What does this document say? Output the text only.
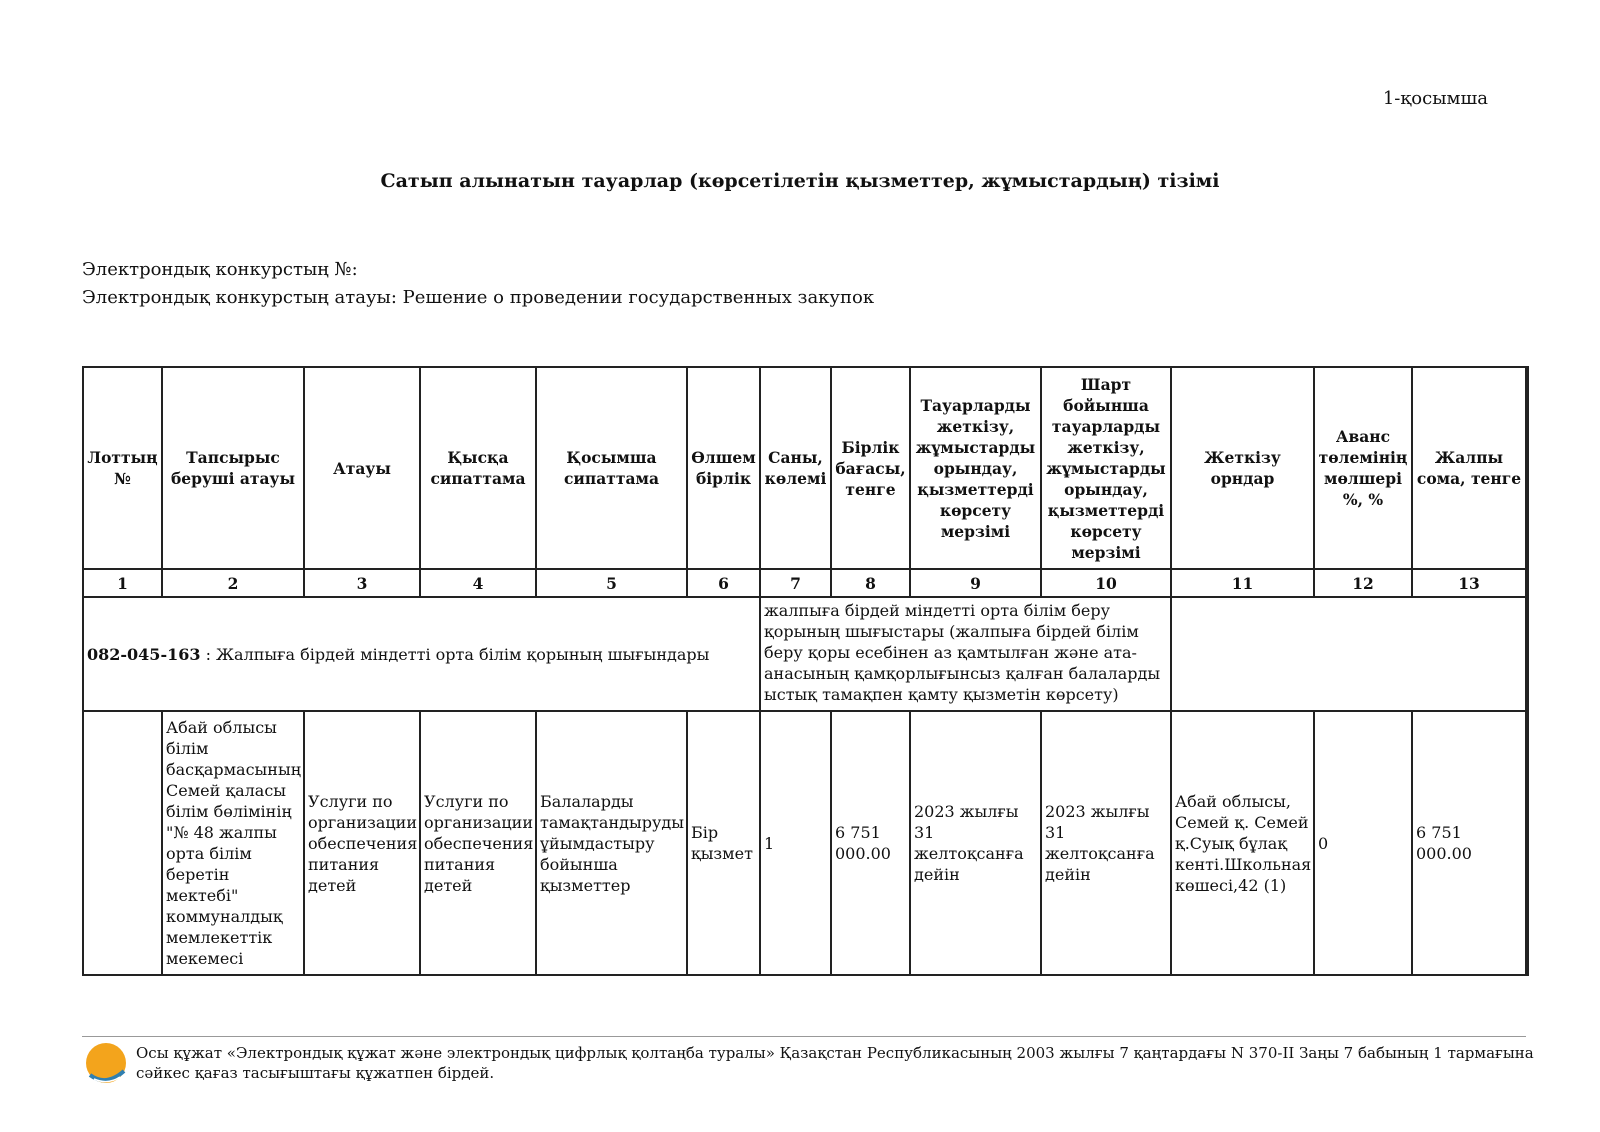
1-қосымша
Сатып алынатын тауарлар (көрсетілетін қызметтер, жұмыстардың) тізімі
Электрондық конкурстың №:
Электрондық конкурстың атауы: Решение о проведении государственных закупок
Лоттың №	Тапсырыс беруші атауы	Атауы	Қысқа сипаттама	Қосымша сипаттама	Өлшем бірлік	Саны, көлемі	Бірлік бағасы, тенге	Тауарларды жеткізу, жұмыстарды орындау, қызметтерді көрсету мерзімі	Шарт бойынша тауарларды жеткізу, жұмыстарды орындау, қызметтерді көрсету мерзімі	Жеткізу орндар	Аванс төлемінің мөлшері %, %	Жалпы сома, тенге
1	2	3	4	5	6	7	8	9	10	11	12	13
082-045-163 : Жалпыға бірдей міндетті орта білім қорының шығындары						жалпыға бірдей міндетті орта білім беру қорының шығыстары (жалпыға бірдей білім беру қоры есебінен аз қамтылған және ата-анасының қамқорлығынсыз қалған балаларды ыстық тамақпен қамту қызметін көрсету)						
	Абай облысы білім басқармасының Семей қаласы білім бөлімінің "№ 48 жалпы орта білім беретін мектебі" коммуналдық мемлекеттік мекемесі	Услуги по организации обеспечения питания детей	Услуги по организации обеспечения питания детей	Балаларды тамақтандыруды ұйымдастыру бойынша қызметтер	Бір қызмет	1	6 751 000.00	2023 жылғы 31 желтоқсанға дейін	2023 жылғы 31 желтоқсанға дейін	Абай облысы, Семей қ. Семей қ.Суық бұлақ кенті.Школьная көшесі,42 (1)	0	6 751 000.00
Осы құжат «Электрондық құжат және электрондық цифрлық қолтаңба туралы» Қазақстан Республикасының 2003 жылғы 7 қаңтардағы N 370-II Заңы 7 бабының 1 тармағына сәйкес қағаз тасығыштағы құжатпен бірдей.
